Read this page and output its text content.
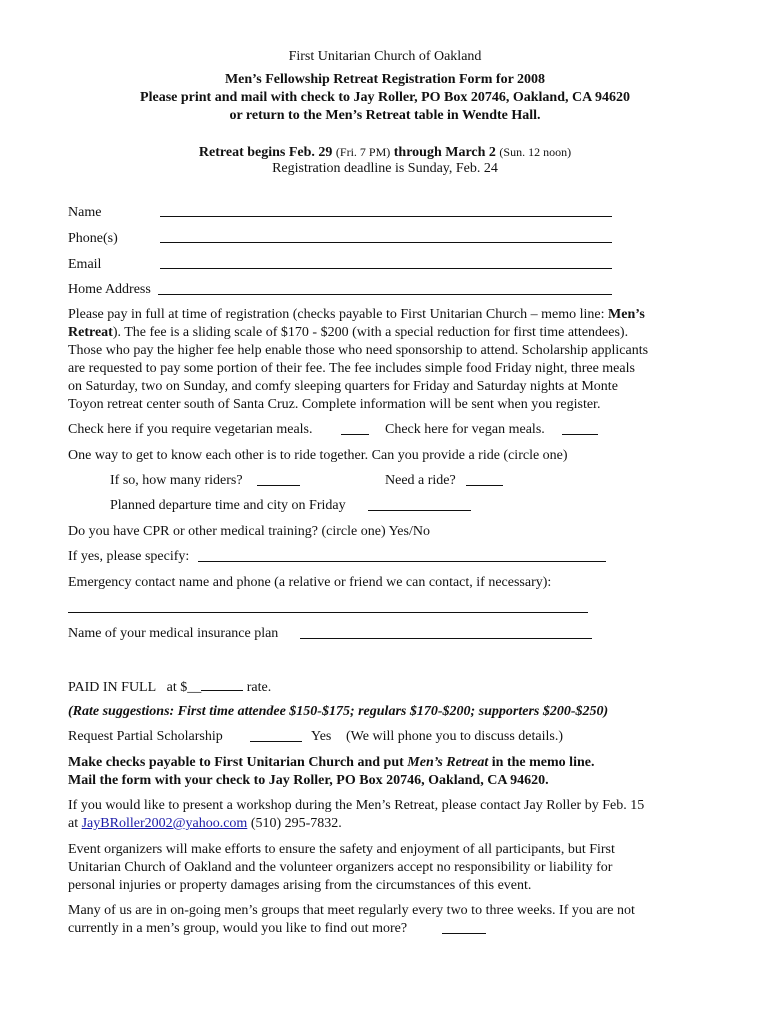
First Unitarian Church of Oakland
Men’s Fellowship Retreat Registration Form for 2008
Please print and mail with check to Jay Roller, PO Box 20746, Oakland, CA 94620
or return to the Men’s Retreat table in Wendte Hall.
Retreat begins Feb. 29 (Fri. 7 PM) through March 2 (Sun. 12 noon)
Registration deadline is Sunday, Feb. 24
Name
Phone(s)
Email
Home Address
Please pay in full at time of registration (checks payable to First Unitarian Church – memo line: Men’s
Retreat). The fee is a sliding scale of $170 - $200 (with a special reduction for first time attendees).
Those who pay the higher fee help enable those who need sponsorship to attend. Scholarship applicants
are requested to pay some portion of their fee. The fee includes simple food Friday night, three meals
on Saturday, two on Sunday, and comfy sleeping quarters for Friday and Saturday nights at Monte
Toyon retreat center south of Santa Cruz. Complete information will be sent when you register.
Check here if you require vegetarian meals.	Check here for vegan meals.
One way to get to know each other is to ride together. Can you provide a ride (circle one)
If so, how many riders?	Need a ride?
Planned departure time and city on Friday
Do you have CPR or other medical training? (circle one) Yes/No
If yes, please specify:
Emergency contact name and phone (a relative or friend we can contact, if necessary):
Name of your medical insurance plan
PAID IN FULL at $__	rate.
(Rate suggestions: First time attendee $150-$175; regulars $170-$200; supporters $200-$250)
Request Partial Scholarship	Yes (We will phone you to discuss details.)
Make checks payable to First Unitarian Church and put Men’s Retreat in the memo line.
Mail the form with your check to Jay Roller, PO Box 20746, Oakland, CA 94620.
If you would like to present a workshop during the Men’s Retreat, please contact Jay Roller by Feb. 15
at JayBRoller2002@yahoo.com (510) 295-7832.
Event organizers will make efforts to ensure the safety and enjoyment of all participants, but First
Unitarian Church of Oakland and the volunteer organizers accept no responsibility or liability for
personal injuries or property damages arising from the circumstances of this event.
Many of us are in on-going men’s groups that meet regularly every two to three weeks. If you are not
currently in a men’s group, would you like to find out more?
